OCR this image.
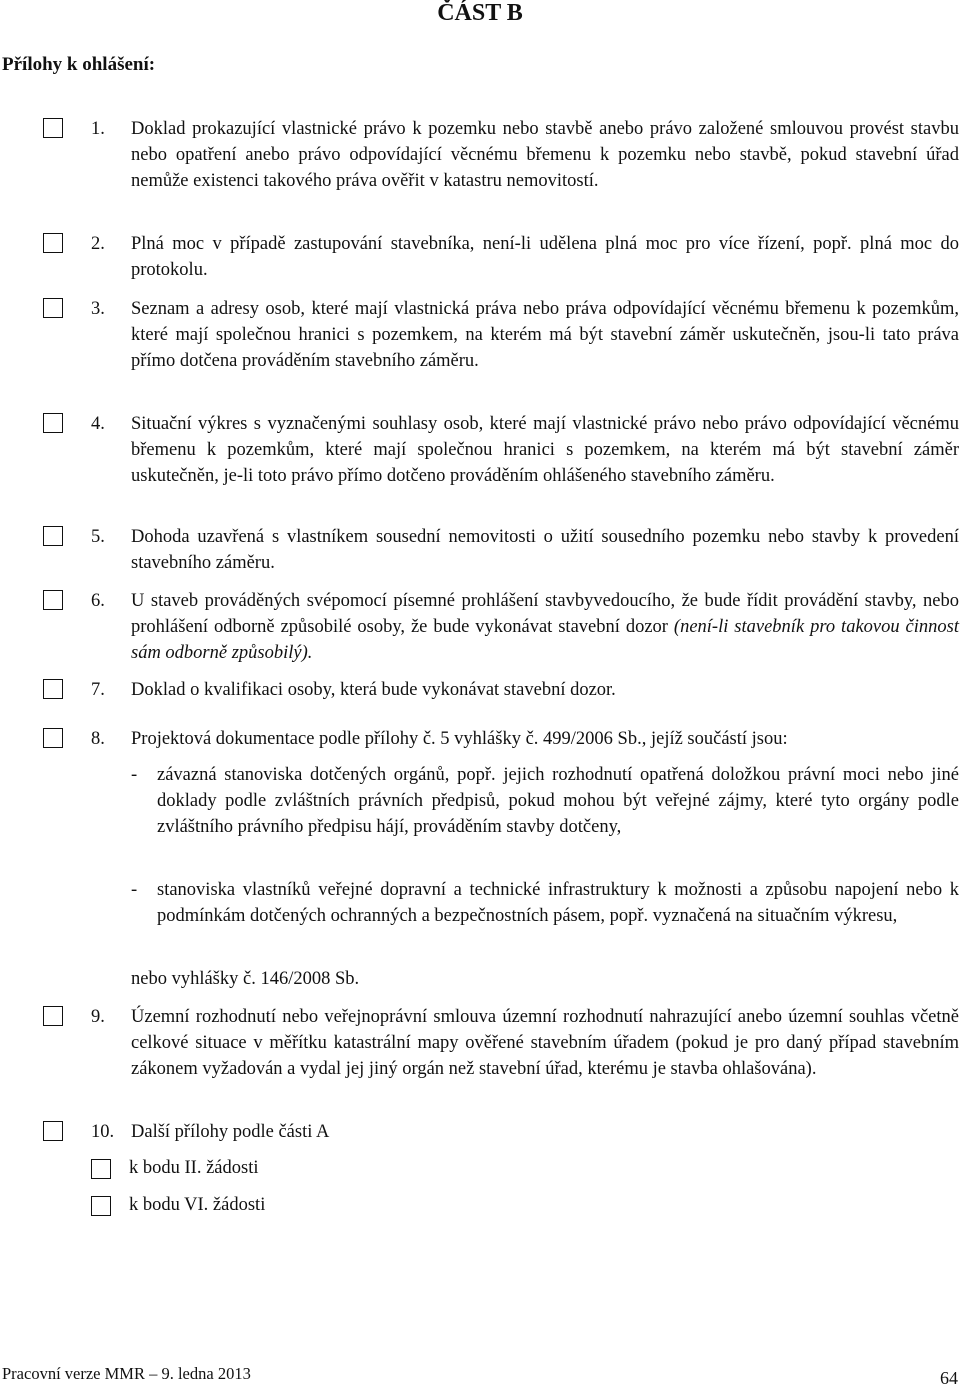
ČÁST B
Přílohy k ohlášení:
1. Doklad prokazující vlastnické právo k pozemku nebo stavbě anebo právo založené smlouvou provést stavbu nebo opatření anebo právo odpovídající věcnému břemenu k pozemku nebo stavbě, pokud stavební úřad nemůže existenci takového práva ověřit v katastru nemovitostí.
2. Plná moc v případě zastupování stavebníka, není-li udělena plná moc pro více řízení, popř. plná moc do protokolu.
3. Seznam a adresy osob, které mají vlastnická práva nebo práva odpovídající věcnému břemenu k pozemkům, které mají společnou hranici s pozemkem, na kterém má být stavební záměr uskutečněn, jsou-li tato práva přímo dotčena prováděním stavebního záměru.
4. Situační výkres s vyznačenými souhlasy osob, které mají vlastnické právo nebo právo odpovídající věcnému břemenu k pozemkům, které mají společnou hranici s pozemkem, na kterém má být stavební záměr uskutečněn, je-li toto právo přímo dotčeno prováděním ohlášeného stavebního záměru.
5. Dohoda uzavřená s vlastníkem sousední nemovitosti o užití sousedního pozemku nebo stavby k provedení stavebního záměru.
6. U staveb prováděných svépomocí písemné prohlášení stavbyvedoucího, že bude řídit provádění stavby, nebo prohlášení odborně způsobilé osoby, že bude vykonávat stavební dozor (není-li stavebník pro takovou činnost sám odborně způsobilý).
7. Doklad o kvalifikaci osoby, která bude vykonávat stavební dozor.
8. Projektová dokumentace podle přílohy č. 5 vyhlášky č. 499/2006 Sb., jejíž součástí jsou:
- závazná stanoviska dotčených orgánů, popř. jejich rozhodnutí opatřená doložkou právní moci nebo jiné doklady podle zvláštních právních předpisů, pokud mohou být veřejné zájmy, které tyto orgány podle zvláštního právního předpisu hájí, prováděním stavby dotčeny,
- stanoviska vlastníků veřejné dopravní a technické infrastruktury k možnosti a způsobu napojení nebo k podmínkám dotčených ochranných a bezpečnostních pásem, popř. vyznačená na situačním výkresu,
nebo vyhlášky č. 146/2008 Sb.
9. Územní rozhodnutí nebo veřejnoprávní smlouva územní rozhodnutí nahrazující anebo územní souhlas včetně celkové situace v měřítku katastrální mapy ověřené stavebním úřadem (pokud je pro daný případ stavebním zákonem vyžadován a vydal jej jiný orgán než stavební úřad, kterému je stavba ohlašována).
10. Další přílohy podle části A
k bodu II. žádosti
k bodu VI. žádosti
Pracovní verze MMR – 9. ledna 2013	64
